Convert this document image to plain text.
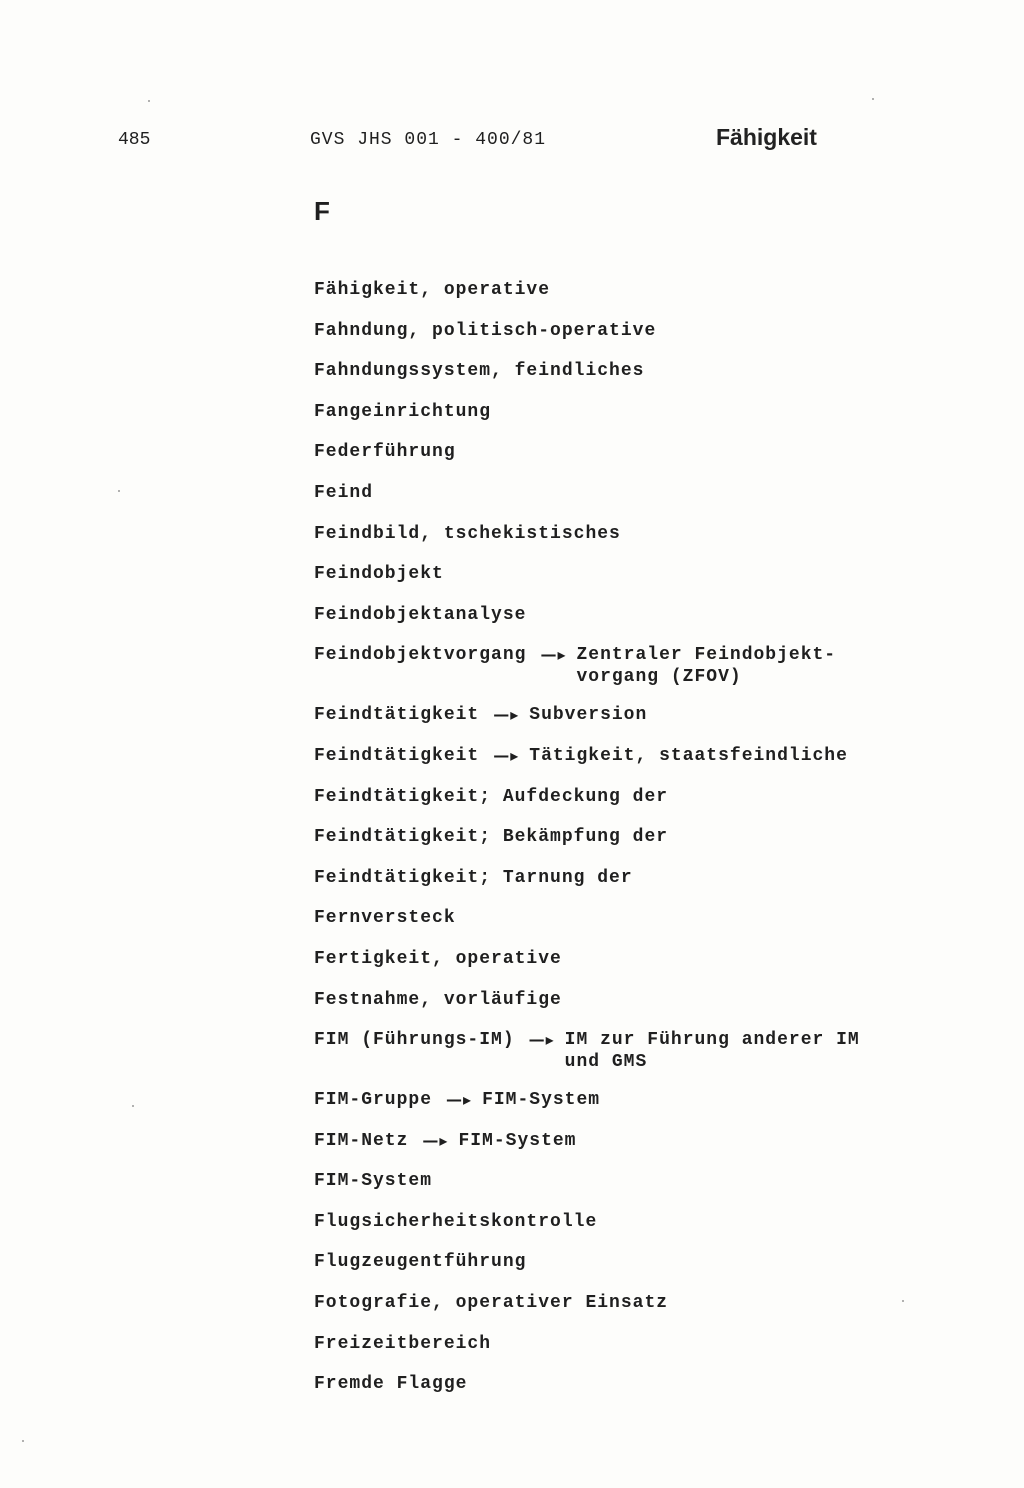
485	GVS JHS 001 - 400/81	Fähigkeit
F
Fähigkeit, operative
Fahndung, politisch-operative
Fahndungssystem, feindliches
Fangeinrichtung
Federführung
Feind
Feindbild, tschekistisches
Feindobjekt
Feindobjektanalyse
Feindobjektvorgang —▸ Zentraler Feindobjekt-
vorgang (ZFOV)
Feindtätigkeit —▸ Subversion
Feindtätigkeit —▸ Tätigkeit, staatsfeindliche
Feindtätigkeit; Aufdeckung der
Feindtätigkeit; Bekämpfung der
Feindtätigkeit; Tarnung der
Fernversteck
Fertigkeit, operative
Festnahme, vorläufige
FIM (Führungs-IM) —▸ IM zur Führung anderer IM
und GMS
FIM-Gruppe —▸ FIM-System
FIM-Netz —▸ FIM-System
FIM-System
Flugsicherheitskontrolle
Flugzeugentführung
Fotografie, operativer Einsatz
Freizeitbereich
Fremde Flagge
